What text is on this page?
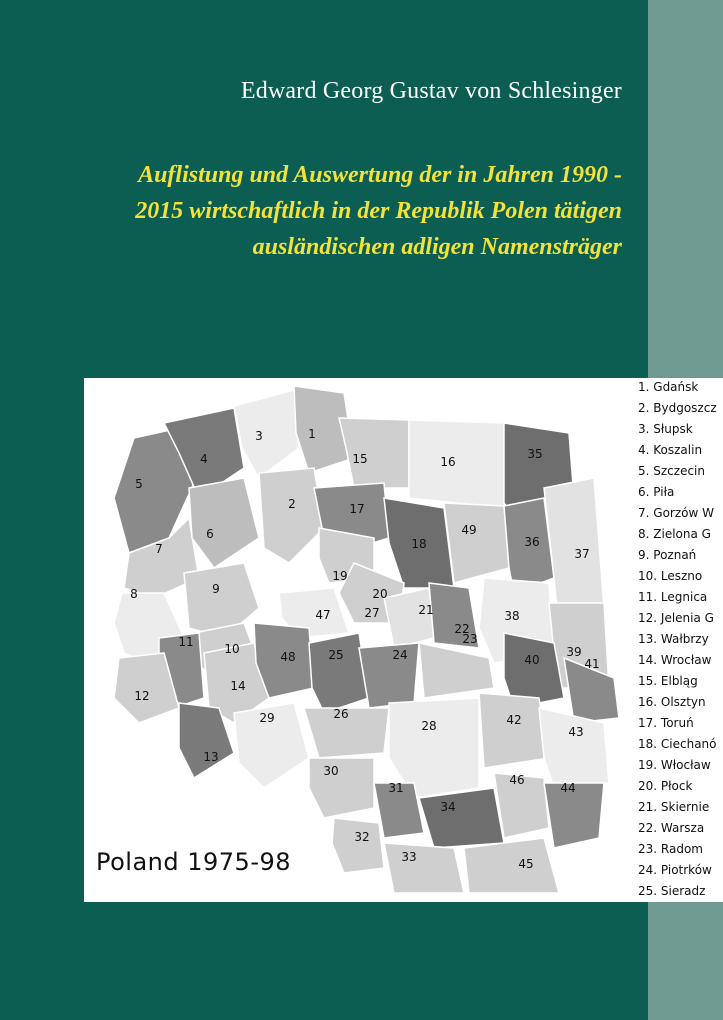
Edward Georg Gustav von Schlesinger
Auflistung und Auswertung der in Jahren 1990 -
2015 wirtschaftlich in der Republik Polen tätigen
ausländischen adligen Namensträger
1
2
3
4
5
6
7
8	9
10
11
12
13
14
15	16
17
18
19
20
21
22
23
24
25
26
27
28
29
30
31
32
33
34
35
36
37
38
39
40	41
42
43
44
45
46
47
48
49
Poland 1975-98
1. Gdańsk
2. Bydgoszcz
3. Słupsk
4. Koszalin
5. Szczecin
6. Piła
7. Gorzów W
8. Zielona G
9. Poznań
10. Leszno
11. Legnica
12. Jelenia G
13. Wałbrzy
14. Wrocław
15. Elbląg
16. Olsztyn
17. Toruń
18. Ciechanó
19. Włocław
20. Płock
21. Skiernie
22. Warsza
23. Radom
24. Piotrków
25. Sieradz
